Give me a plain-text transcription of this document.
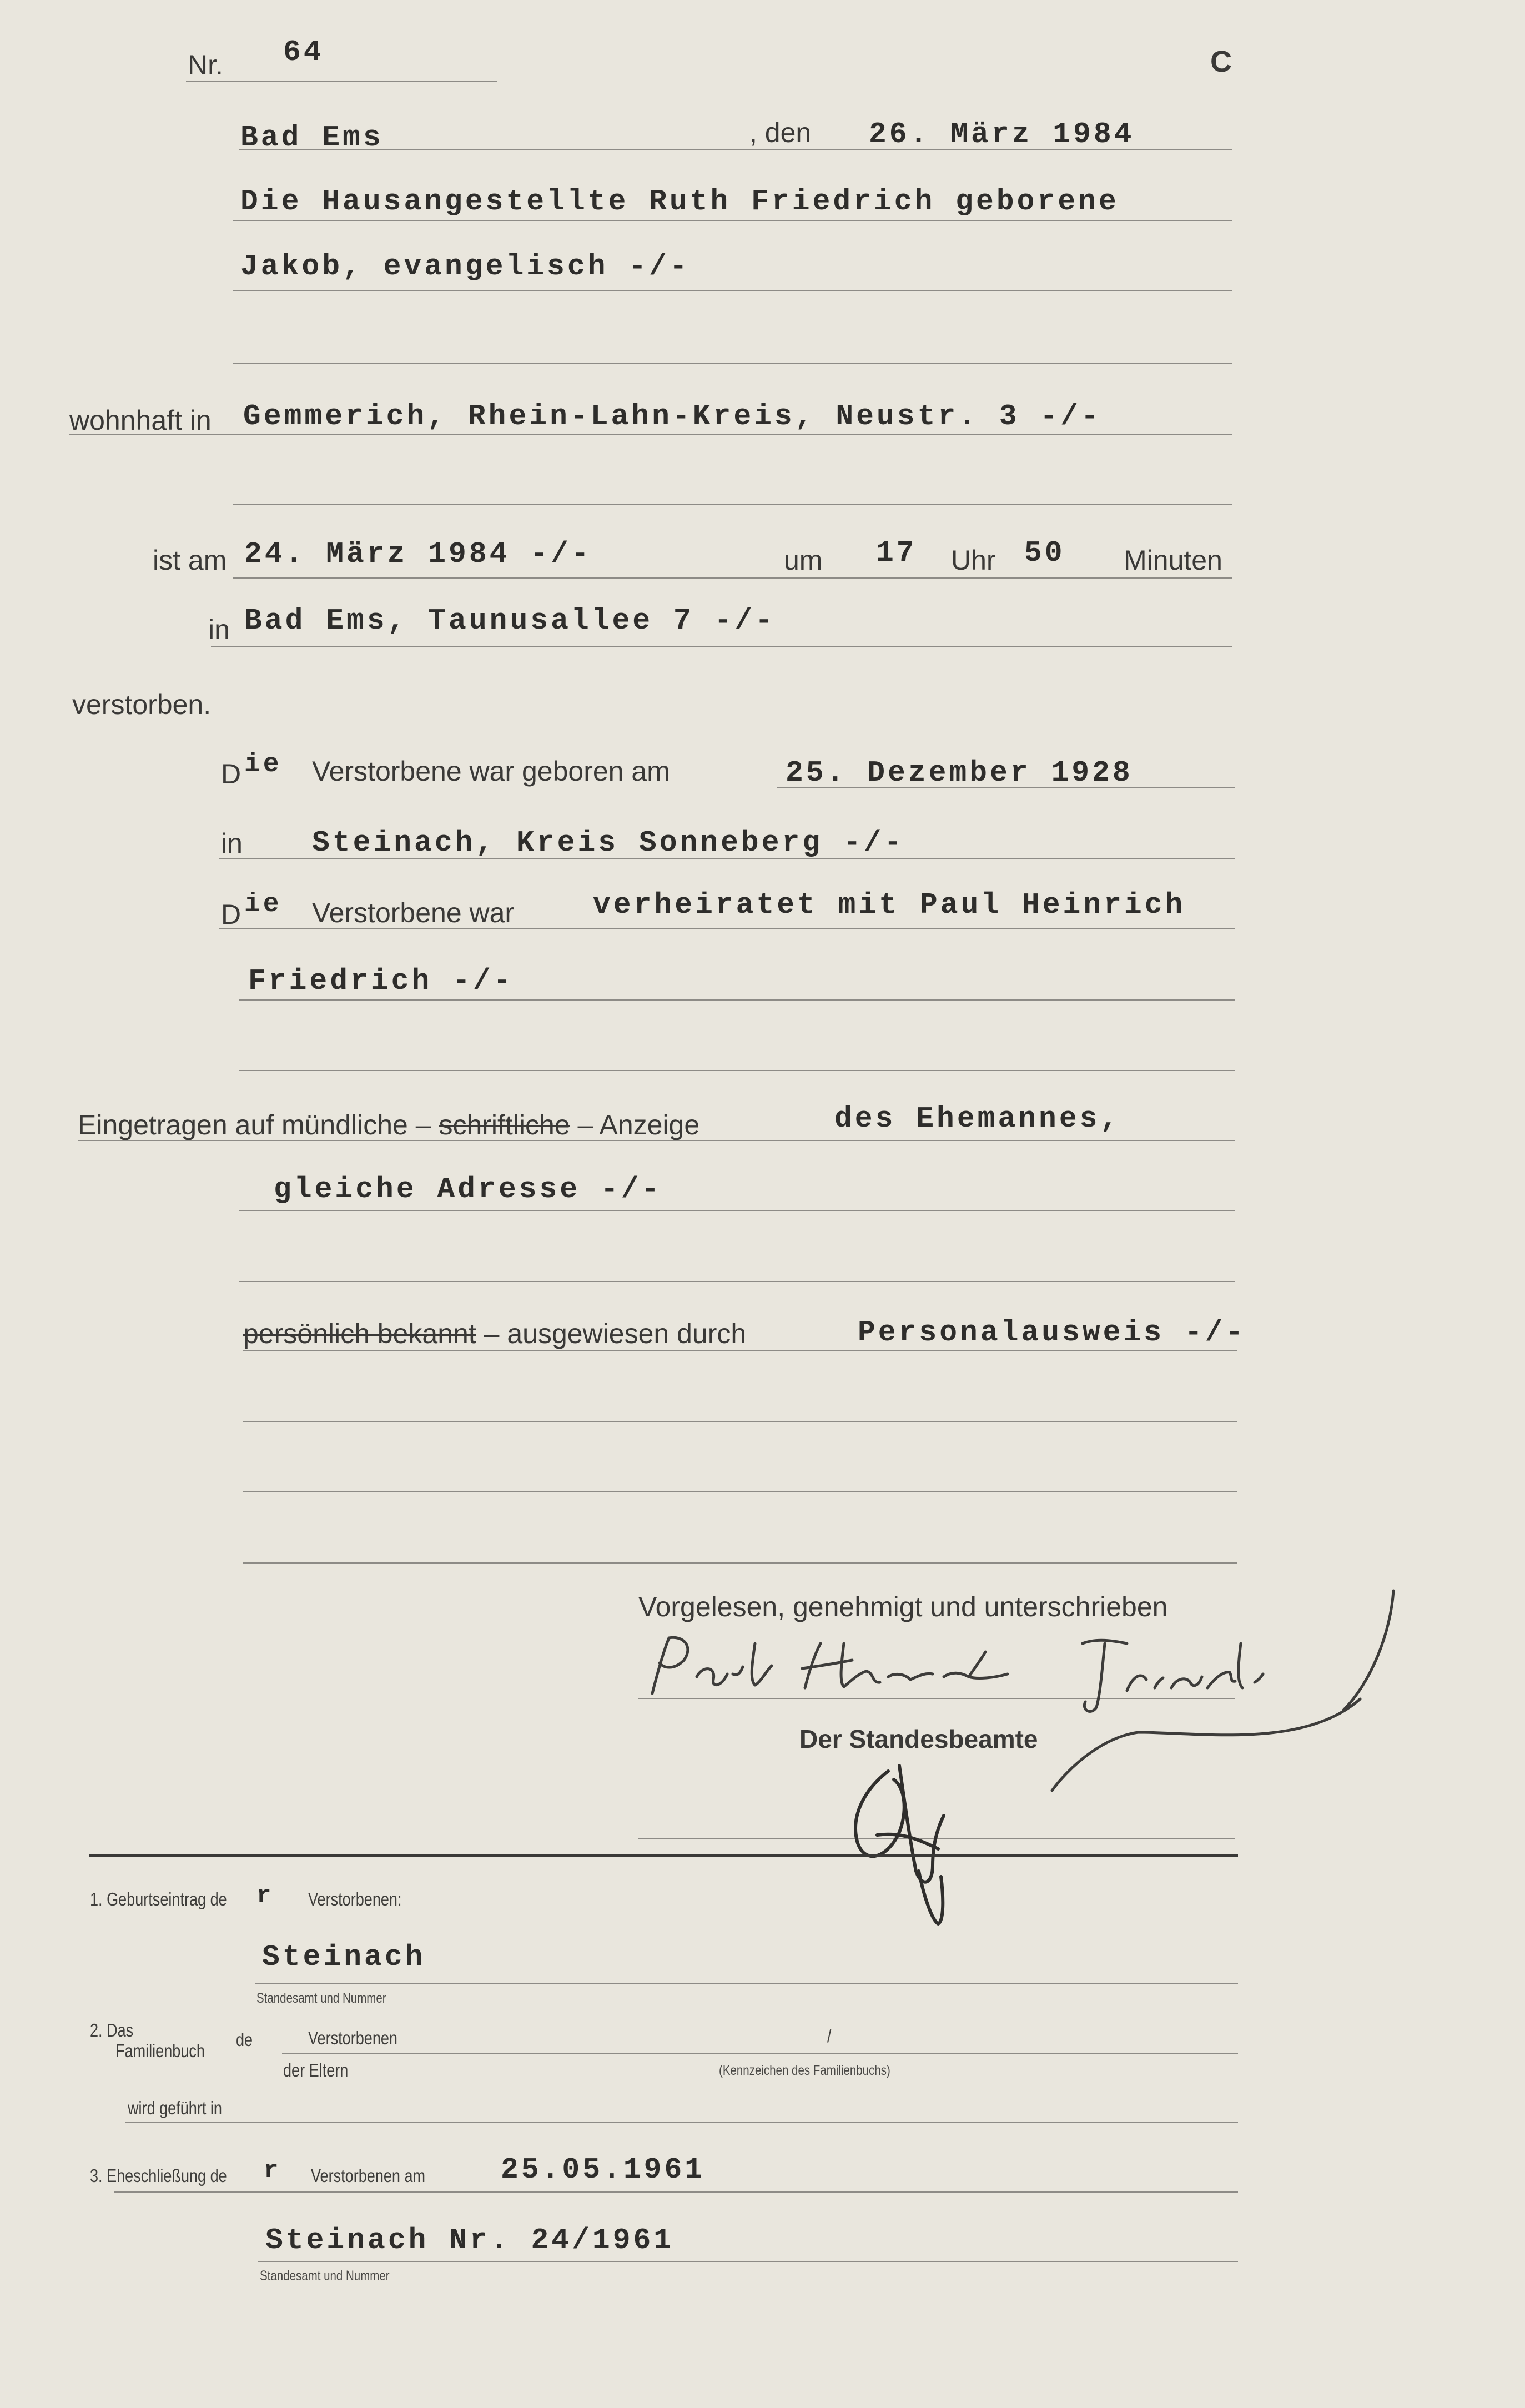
Nr. 64	C
Bad Ems	, den 26. März 1984
Die Hausangestellte Ruth Friedrich geborene
Jakob, evangelisch -/-
wohnhaft in Gemmerich, Rhein-Lahn-Kreis, Neustr. 3 -/-
ist am 24. März 1984 -/-	um 17 Uhr 50 Minuten
in Bad Ems, Taunusallee 7 -/-
verstorben.
D ie Verstorbene war geboren am	25. Dezember 1928
in Steinach, Kreis Sonneberg -/-
D ie Verstorbene war	verheiratet mit Paul Heinrich
Friedrich -/-
Eingetragen auf mündliche – schriftliche – Anzeige	des Ehemannes,
gleiche Adresse -/-
persönlich bekannt – ausgewiesen durch	Personalausweis -/-
Vorgelesen, genehmigt und unterschrieben
Der Standesbeamte
1. Geburtseintrag de r Verstorbenen:
Steinach
Standesamt und Nummer
2. Das
Familienbuch
de	Verstorbenen	/
der Eltern	(Kennzeichen des Familienbuchs)
wird geführt in
3. Eheschließung de r Verstorbenen am	25.05.1961
Steinach Nr. 24/1961
Standesamt und Nummer
